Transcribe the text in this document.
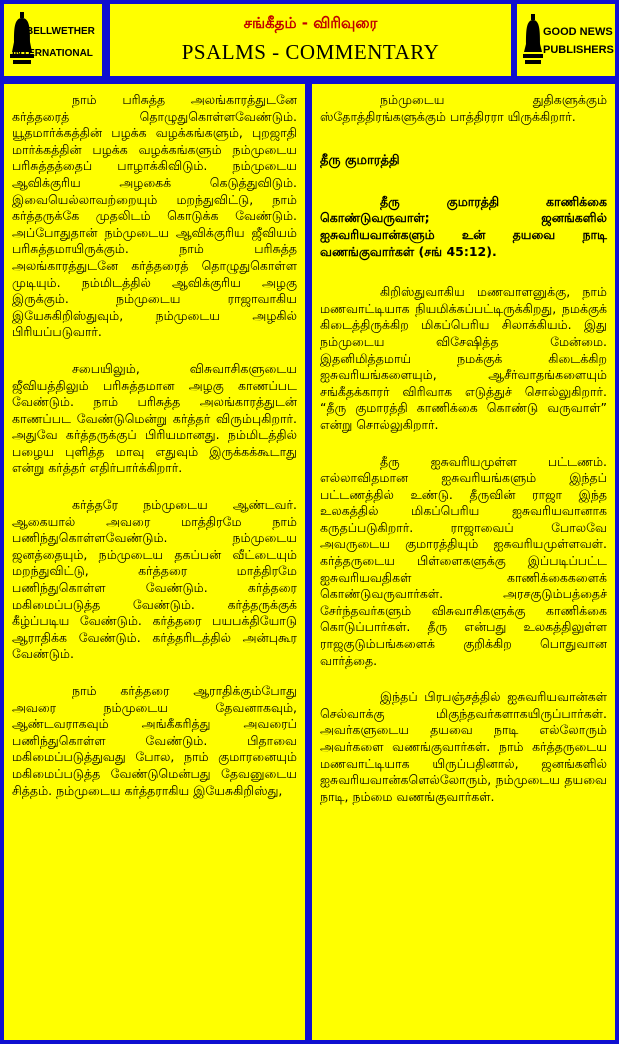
BELLWETHER
INTERNATIONAL
சங்கீதம் - விரிவுரை
PSALMS - COMMENTARY
GOOD NEWS
PUBLISHERS

நாம் பரிசுத்த அலங்காரத்துடனே கர்த்தரைத் தொழுதுகொள்ளவேண்டும். யூதமார்க்கத்தின் பழக்க வழக்கங்களும், புறஜாதி மார்க்கத்தின் பழக்க வழக்கங்களும் நம்முடைய பரிசுத்தத்தைப் பாழாக்கிவிடும். நம்முடைய ஆவிக்குரிய அழகைக் கெடுத்துவிடும். இவையெல்லாவற்றையும் மறந்துவிட்டு, நாம் கர்த்தருக்கே முதலிடம் கொடுக்க வேண்டும். அப்போதுதான் நம்முடைய ஆவிக்குரிய ஜீவியம் பரிசுத்தமாயிருக்கும். நாம் பரிசுத்த அலங்காரத்துடனே கர்த்தரைத் தொழுதுகொள்ள முடியும். நம்மிடத்தில் ஆவிக்குரிய அழகு இருக்கும். நம்முடைய ராஜாவாகிய இயேசுகிறிஸ்துவும், நம்முடைய அழகில் பிரியப்படுவார்.

சபையிலும், விசுவாசிகளுடைய ஜீவியத்திலும் பரிசுத்தமான அழகு காணப்பட வேண்டும். நாம் பரிசுத்த அலங்காரத்துடன் காணப்பட வேண்டுமென்று கர்த்தர் விரும்புகிறார். அதுவே கர்த்தருக்குப் பிரியமானது. நம்மிடத்தில் பழைய புளித்த மாவு எதுவும் இருக்கக்கூடாது என்று கர்த்தர் எதிர்பார்க்கிறார்.

கர்த்தரே நம்முடைய ஆண்டவர். ஆகையால் அவரை மாத்திரமே நாம் பணிந்துகொள்ளவேண்டும். நம்முடைய ஜனத்தையும், நம்முடைய தகப்பன் வீட்டையும் மறந்துவிட்டு, கர்த்தரை மாத்திரமே பணிந்துகொள்ள வேண்டும். கர்த்தரை மகிமைப்படுத்த வேண்டும். கர்த்தருக்குக் கீழ்ப்படிய வேண்டும். கர்த்தரை பயபக்தியோடு ஆராதிக்க வேண்டும். கர்த்தரிடத்தில் அன்புகூர வேண்டும்.

நாம் கர்த்தரை ஆராதிக்கும்போது அவரை நம்முடைய தேவனாகவும், ஆண்டவராகவும் அங்கீகரித்து அவரைப் பணிந்துகொள்ள வேண்டும். பிதாவை மகிமைப்படுத்துவது போல, நாம் குமாரனையும் மகிமைப்படுத்த வேண்டுமென்பது தேவனுடைய சித்தம். நம்முடைய கர்த்தராகிய இயேசுகிறிஸ்து,

நம்முடைய துதிகளுக்கும் ஸ்தோத்திரங்களுக்கும் பாத்திரரா யிருக்கிறார்.

தீரு குமாரத்தி

தீரு குமாரத்தி காணிக்கை கொண்டுவருவாள்; ஜனங்களில் ஐசுவரியவான்களும் உன் தயவை நாடி வணங்குவார்கள் (சங் 45:12).

கிறிஸ்துவாகிய மணவாளனுக்கு, நாம் மணவாட்டியாக நியமிக்கப்பட்டிருக்கிறது, நமக்குக் கிடைத்திருக்கிற மிகப்பெரிய சிலாக்கியம். இது நம்முடைய விசேஷித்த மேன்மை. இதனிமித்தமாய் நமக்குக் கிடைக்கிற ஐசுவரியங்களையும், ஆசீர்வாதங்களையும் சங்கீதக்காரர் விரிவாக எடுத்துச் சொல்லுகிறார். “தீரு குமாரத்தி காணிக்கை கொண்டு வருவாள்” என்று சொல்லுகிறார்.

தீரு ஐசுவரியமுள்ள பட்டணம். எல்லாவிதமான ஐசுவரியங்களும் இந்தப் பட்டணத்தில் உண்டு. தீருவின் ராஜா இந்த உலகத்தில் மிகப்பெரிய ஐசுவரியவானாக கருதப்படுகிறார். ராஜாவைப் போலவே அவருடைய குமாரத்தியும் ஐசுவரியமுள்ளவள். கர்த்தருடைய பிள்ளைகளுக்கு இப்படிப்பட்ட ஐசுவரியவதிகள் காணிக்கைகளைக் கொண்டுவருவார்கள். அரசகுடும்பத்தைச் சேர்ந்தவர்களும் விசுவாசிகளுக்கு காணிக்கை கொடுப்பார்கள். தீரு என்பது உலகத்திலுள்ள ராஜகுடும்பங்களைக் குறிக்கிற பொதுவான வார்த்தை.

இந்தப் பிரபஞ்சத்தில் ஐசுவரியவான்கள் செல்வாக்கு மிகுந்தவர்களாகயிருப்பார்கள். அவர்களுடைய தயவை நாடி எல்லோரும் அவர்களை வணங்குவார்கள். நாம் கர்த்தருடைய மணவாட்டியாக யிருப்பதினால், ஜனங்களில் ஐசுவரியவான்களெல்லோரும், நம்முடைய தயவை நாடி, நம்மை வணங்குவார்கள்.
